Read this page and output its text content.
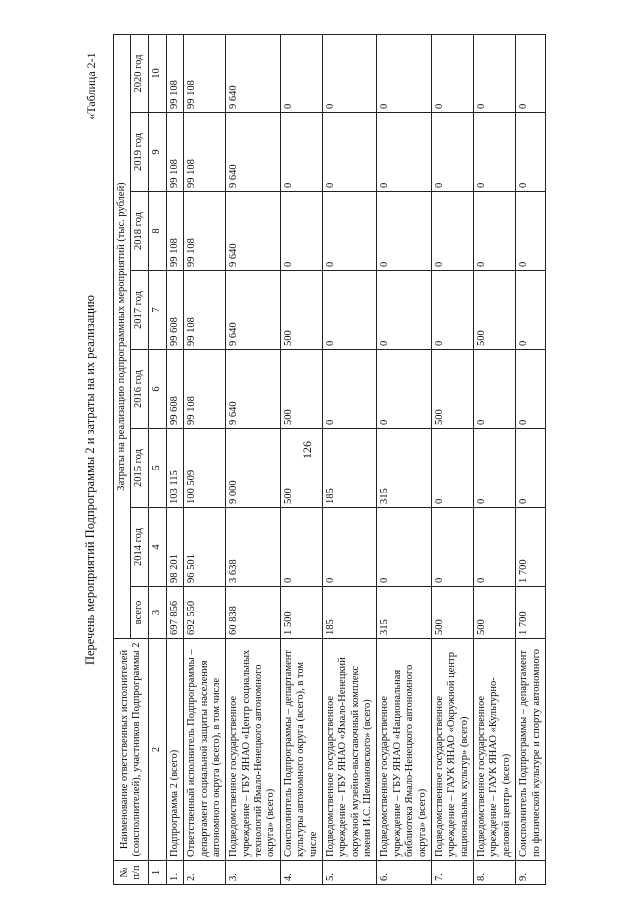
126
«Таблица 2-1
Перечень мероприятий Подпрограммы 2 и затраты на их реализацию
№ п/п	Наименование ответственных исполнителей (соисполнителей), участников Подпрограммы 2	Затраты на реализацию подпрограммных мероприятий (тыс. рублей)							
		всего	2014 год	2015 год	2016 год	2017 год	2018 год	2019 год	2020 год
1	2	3	4	5	6	7	8	9	10
1.	Подпрограмма 2 (всего)	697 856	98 201	103 115	99 608	99 608	99 108	99 108	99 108
2.	Ответственный исполнитель Подпрограммы – департамент социальной защиты населения автономного округа (всего), в том числе	692 550	96 501	100 509	99 108	99 108	99 108	99 108	99 108
3.	Подведомственное государственное учреждение – ГБУ ЯНАО «Центр социальных технологий Ямало-Ненецкого автономного округа» (всего)	60 838	3 638	9 000	9 640	9 640	9 640	9 640	9 640
4.	Соисполнитель Подпрограммы – департамент культуры автономного округа (всего), в том числе	1 500	0	500	500	500	0	0	0
5.	Подведомственное государственное учреждение – ГБУ ЯНАО «Ямало-Ненецкий окружной музейно-выставочный комплекс имени И.С. Шемановского» (всего)	185	0	185	0	0	0	0	0
6.	Подведомственное государственное учреждение – ГБУ ЯНАО «Национальная библиотека Ямало-Ненецкого автономного округа» (всего)	315	0	315	0	0	0	0	0
7.	Подведомственное государственное учреждение – ГАУК ЯНАО «Окружной центр национальных культур» (всего)	500	0	0	500	0	0	0	0
8.	Подведомственное государственное учреждение – ГАУК ЯНАО «Культурно-деловой центр» (всего)	500	0	0	0	500	0	0	0
9.	Соисполнитель Подпрограммы – департамент по физической культуре и спорту автономного	1 700	1 700	0	0	0	0	0	0
